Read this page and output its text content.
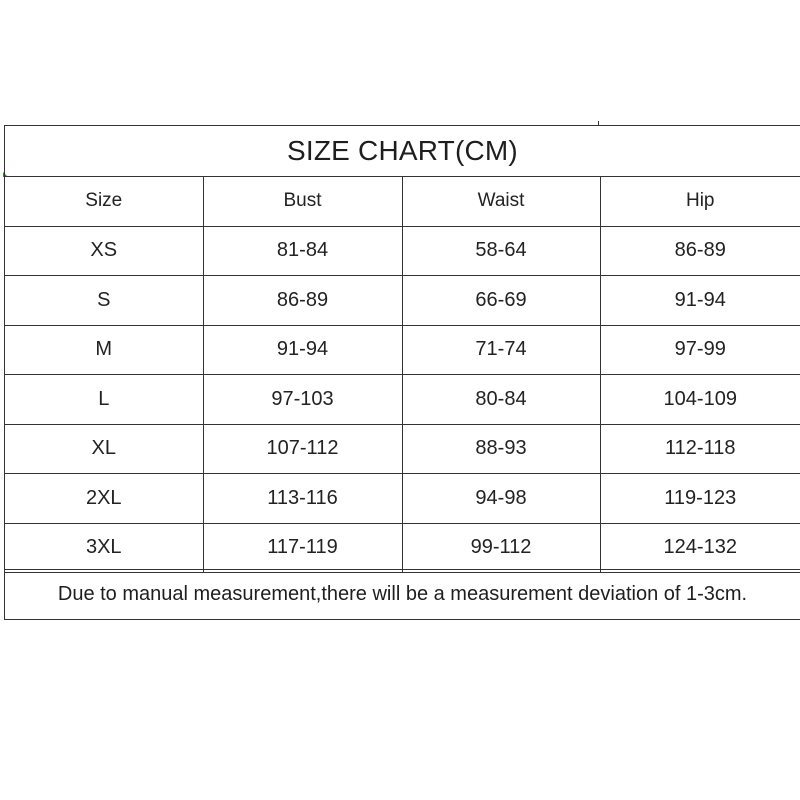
SIZE CHART(CM)
Size	Bust	Waist	Hip
XS	81-84	58-64	86-89
S	86-89	66-69	91-94
M	91-94	71-74	97-99
L	97-103	80-84	104-109
XL	107-112	88-93	112-118
2XL	113-116	94-98	119-123
3XL	117-119	99-112	124-132
Due to manual measurement,there will be a measurement deviation of 1-3cm.
